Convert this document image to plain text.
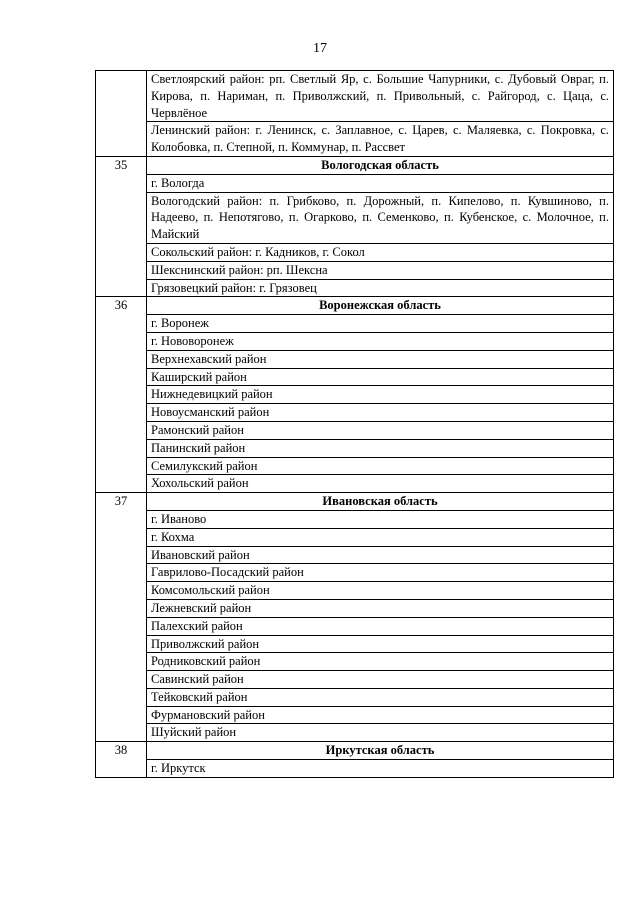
17
	Светлоярский район: рп. Светлый Яр, с. Большие Чапурники, с. Дубовый Овраг, п. Кирова, п. Нариман, п. Приволжский, п. Привольный, с. Райгород, с. Цаца, с. Червлёное
	Ленинский район: г. Ленинск, с. Заплавное, с. Царев, с. Маляевка, с. Покровка, с. Колобовка, п. Степной, п. Коммунар, п. Рассвет
35	Вологодская область
	г. Вологда
	Вологодский район: п. Грибково, п. Дорожный, п. Кипелово, п. Кувшиново, п. Надеево, п. Непотягово, п. Огарково, п. Семенково, п. Кубенское, с. Молочное, п. Майский
	Сокольский район: г. Кадников, г. Сокол
	Шекснинский район: рп. Шексна
	Грязовецкий район: г. Грязовец
36	Воронежская область
	г. Воронеж
	г. Нововоронеж
	Верхнехавский район
	Каширский район
	Нижнедевицкий район
	Новоусманский район
	Рамонский район
	Панинский район
	Семилукский район
	Хохольский район
37	Ивановская область
	г. Иваново
	г. Кохма
	Ивановский район
	Гаврилово-Посадский район
	Комсомольский район
	Лежневский район
	Палехский район
	Приволжский район
	Родниковский район
	Савинский район
	Тейковский район
	Фурмановский район
	Шуйский район
38	Иркутская область
	г. Иркутск
